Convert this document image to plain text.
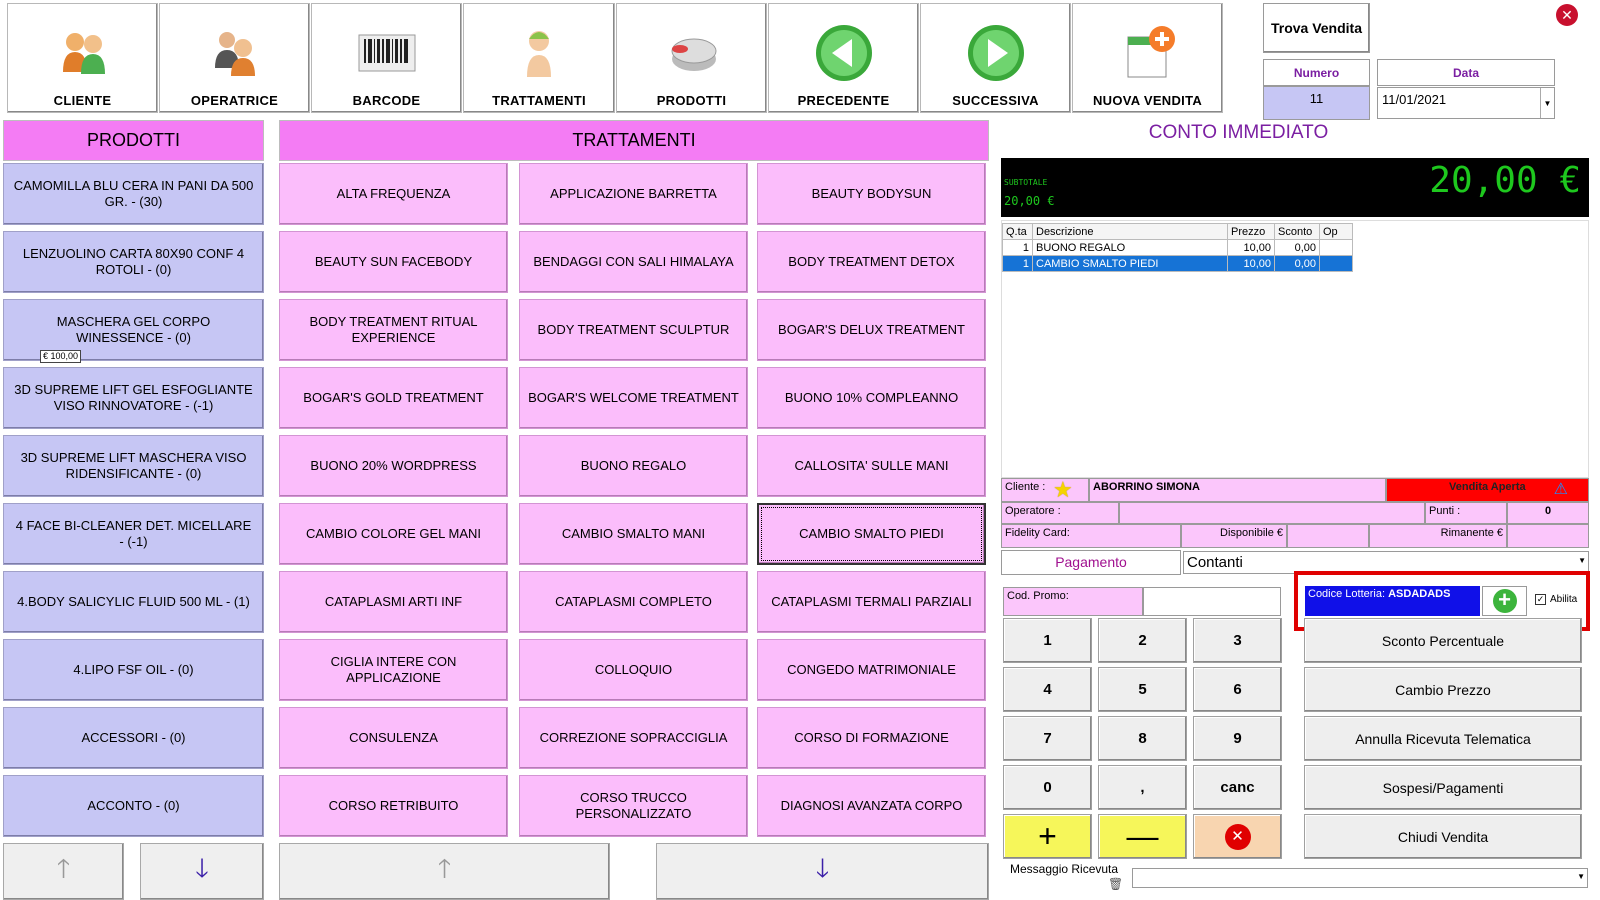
CLIENTE	OPERATRICE	BARCODE	TRATTAMENTI	PRODOTTI	PRECEDENTE	SUCCESSIVA	NUOVA VENDITA
Trova Vendita
✕
Numero
11
Data
11/01/2021	▼
PRODOTTI	TRATTAMENTI	CONTO IMMEDIATO
CAMOMILLA BLU CERA IN PANI DA 500 GR. - (30)
LENZUOLINO CARTA 80X90 CONF 4 ROTOLI - (0)
MASCHERA GEL CORPO WINESSENCE - (0)
€ 100,00
3D SUPREME LIFT GEL ESFOGLIANTE VISO RINNOVATORE - (-1)
3D SUPREME LIFT MASCHERA VISO RIDENSIFICANTE - (0)
4 FACE BI-CLEANER DET. MICELLARE - (-1)
4.BODY SALICYLIC FLUID 500 ML - (1)
4.LIPO FSF OIL - (0)
ACCESSORI - (0)
ACCONTO - (0)
ALTA FREQUENZA	APPLICAZIONE BARRETTA	BEAUTY BODYSUN
BEAUTY SUN FACEBODY	BENDAGGI CON SALI HIMALAYA	BODY TREATMENT DETOX
BODY TREATMENT RITUAL EXPERIENCE
BODY TREATMENT SCULPTUR	BOGAR'S DELUX TREATMENT
BOGAR'S GOLD TREATMENT	BOGAR'S WELCOME TREATMENT	BUONO 10% COMPLEANNO
BUONO 20% WORDPRESS	BUONO REGALO	CALLOSITA' SULLE MANI
CAMBIO COLORE GEL MANI	CAMBIO SMALTO MANI	CAMBIO SMALTO PIEDI
CATAPLASMI ARTI INF	CATAPLASMI COMPLETO	CATAPLASMI TERMALI PARZIALI
CIGLIA INTERE CON APPLICAZIONE
COLLOQUIO	CONGEDO MATRIMONIALE
CONSULENZA	CORREZIONE SOPRACCIGLIA	CORSO DI FORMAZIONE
CORSO RETRIBUITO
CORSO TRUCCO PERSONALIZZATO
DIAGNOSI AVANZATA CORPO
🡑	🡓	🡑	🡓
20,00 €
SUBTOTALE
20,00 €
Q.ta	Descrizione	Prezzo	Sconto	Op
1	BUONO REGALO	10,00	0,00	
1	CAMBIO SMALTO PIEDI	10,00	0,00	
Cliente : ★	ABORRINO SIMONA	Vendita Aperta ⚠
Operatore :	Punti :	0
Fidelity Card:	Disponibile €	Rimanente €
Pagamento	Contanti	▼
Cod. Promo:	Codice Lotteria: ASDADADS	+	✓ Abilita
1	2	3
4	5	6
7	8	9
0	,	canc
+ —	✕
Sconto Percentuale
Cambio Prezzo
Annulla Ricevuta Telematica
Sospesi/Pagamenti
Chiudi Vendita
Messaggio Ricevuta
🗑
▼
